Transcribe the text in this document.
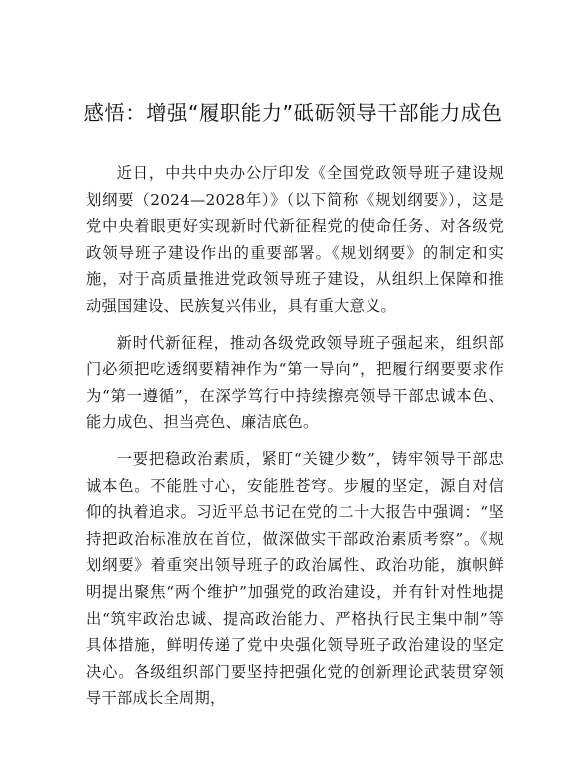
感悟：增强“履职能力”砥砺领导干部能力成色

近日，中共中央办公厅印发《全国党政领导班子建设规划纲要（2024—2028年）》（以下简称《规划纲要》），这是党中央着眼更好实现新时代新征程党的使命任务、对各级党政领导班子建设作出的重要部署。《规划纲要》的制定和实施，对于高质量推进党政领导班子建设，从组织上保障和推动强国建设、民族复兴伟业，具有重大意义。

新时代新征程，推动各级党政领导班子强起来，组织部门必须把吃透纲要精神作为“第一导向”，把履行纲要要求作为“第一遵循”，在深学笃行中持续擦亮领导干部忠诚本色、能力成色、担当亮色、廉洁底色。

一要把稳政治素质，紧盯“关键少数”，铸牢领导干部忠诚本色。不能胜寸心，安能胜苍穹。步履的坚定，源自对信仰的执着追求。习近平总书记在党的二十大报告中强调：“坚持把政治标准放在首位，做深做实干部政治素质考察”。《规划纲要》着重突出领导班子的政治属性、政治功能，旗帜鲜明提出聚焦“两个维护”加强党的政治建设，并有针对性地提出“筑牢政治忠诚、提高政治能力、严格执行民主集中制”等具体措施，鲜明传递了党中央强化领导班子政治建设的坚定决心。各级组织部门要坚持把强化党的创新理论武装贯穿领导干部成长全周期，
